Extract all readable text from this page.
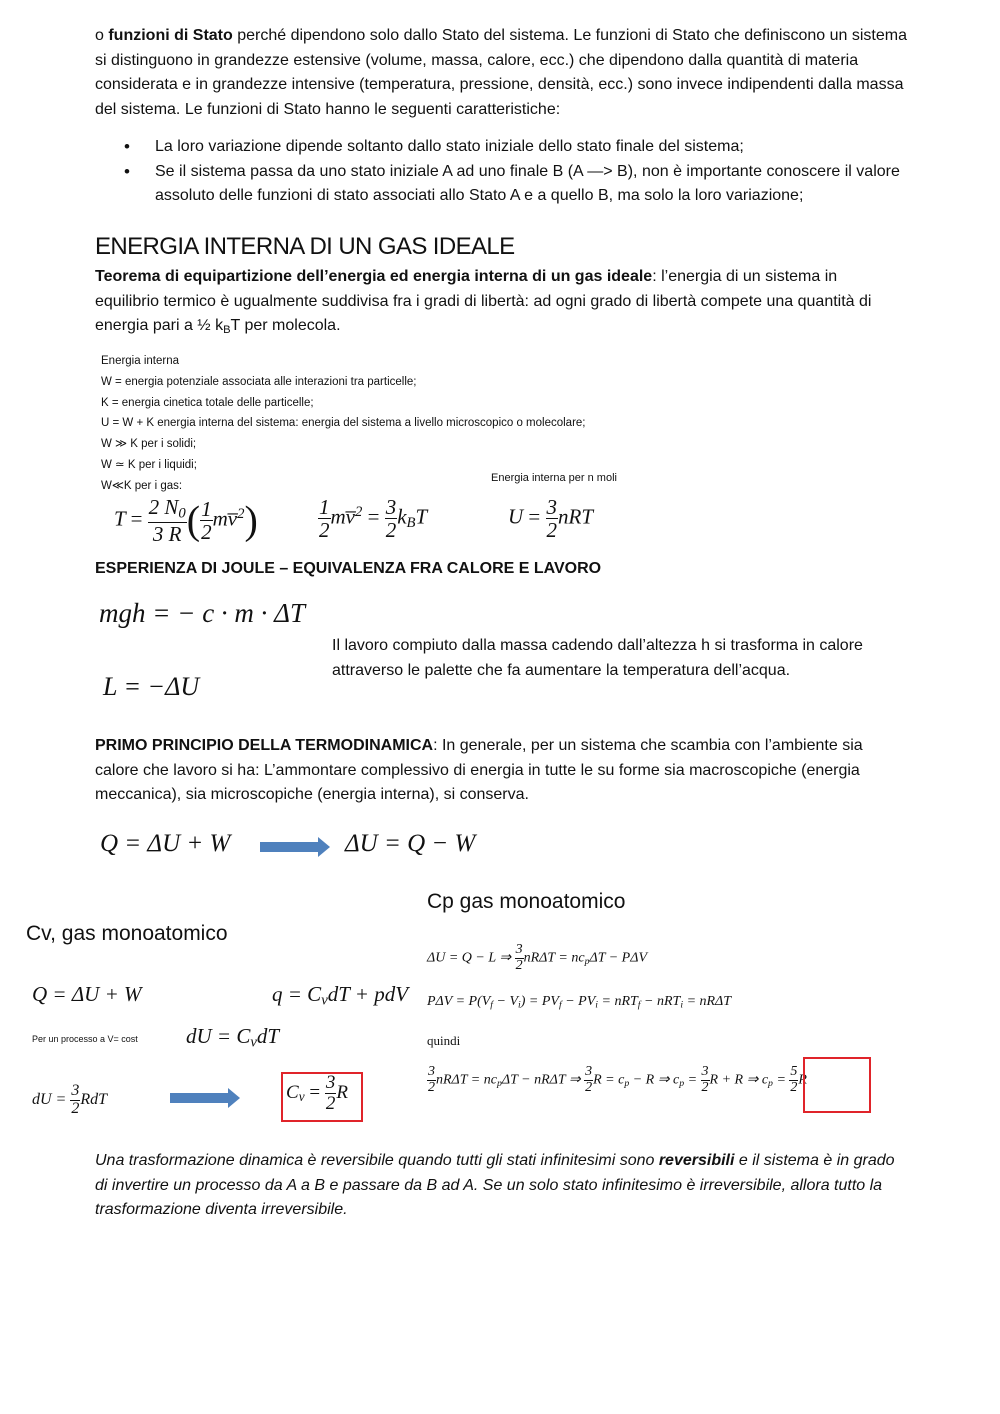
o funzioni di Stato perché dipendono solo dallo Stato del sistema. Le funzioni di Stato che definiscono un sistema si distinguono in grandezze estensive (volume, massa, calore, ecc.) che dipendono dalla quantità di materia considerata e in grandezze intensive (temperatura, pressione, densità, ecc.) sono invece indipendenti dalla massa del sistema. Le funzioni di Stato hanno le seguenti caratteristiche:
• La loro variazione dipende soltanto dallo stato iniziale dello stato finale del sistema;
• Se il sistema passa da uno stato iniziale A ad uno finale B (A —> B), non è importante conoscere il valore assoluto delle funzioni di stato associati allo Stato A e a quello B, ma solo la loro variazione;
ENERGIA INTERNA DI UN GAS IDEALE
Teorema di equipartizione dell’energia ed energia interna di un gas ideale: l’energia di un sistema in equilibrio termico è ugualmente suddivisa fra i gradi di libertà: ad ogni grado di libertà compete una quantità di energia pari a ½ $k_BT$ per molecola.
Energia interna
W = energia potenziale associata alle interazioni tra particelle;
K = energia cinetica totale delle particelle;
U = W + K energia interna del sistema: energia del sistema a livello microscopico o molecolare;
W ≫ K per i solidi;
W ≃ K per i liquidi;
W≪K per i gas:
Energia interna per n moli
$T = \frac{2 N_0}{3 R}$ ( $\frac{1}{2}$ mv̅$^2$)	$\frac{1}{2}$ mv̅$^2$ = $\frac{3}{2} k_BT$	$U = \frac{3}{2}$ nRT
ESPERIENZA DI JOULE – EQUIVALENZA FRA CALORE E LAVORO
mgh = − c · m · ΔT
L = −ΔU
Il lavoro compiuto dalla massa cadendo dall’altezza h si trasforma in calore attraverso le palette che fa aumentare la temperatura dell’acqua.
PRIMO PRINCIPIO DELLA TERMODINAMICA: In generale, per un sistema che scambia con l’ambiente sia calore che lavoro si ha: L’ammontare complessivo di energia in tutte le su forme sia macroscopiche (energia meccanica), sia microscopiche (energia interna), si conserva.
Q = ΔU + W	ΔU = Q − W
Cv, gas monoatomico
Q = ΔU + W	$q = C_vdT$ + pdV
Per un processo a V= cost dU = $C_vdT$
dU = $\frac{3}{2}$ RdT	$C_v = \frac{3}{2}$ R
Cp gas monoatomico
ΔU = Q − L ⇒ $\frac{3}{2}$ $nR\Delta T = nc_p\Delta T - P\Delta V$
$P\Delta V = P(V_f - V_i) = PV_f - PV_i = nRT_f - nRT_i = nR\Delta T$
quindi
$\frac{3}{2}$ $nR\Delta T = nc_p\Delta T - nR\Delta T$ ⇒ $\frac{3}{2}$ $R = c_p - R$ ⇒ $c_p = \frac{3}{2}$ R + R ⇒ $c_p = \frac{5}{2}$ R
Una trasformazione dinamica è reversibile quando tutti gli stati infinitesimi sono reversibili e il sistema è in grado di invertire un processo da A a B e passare da B ad A. Se un solo stato infinitesimo è irreversibile, allora tutto la trasformazione diventa irreversibile.
